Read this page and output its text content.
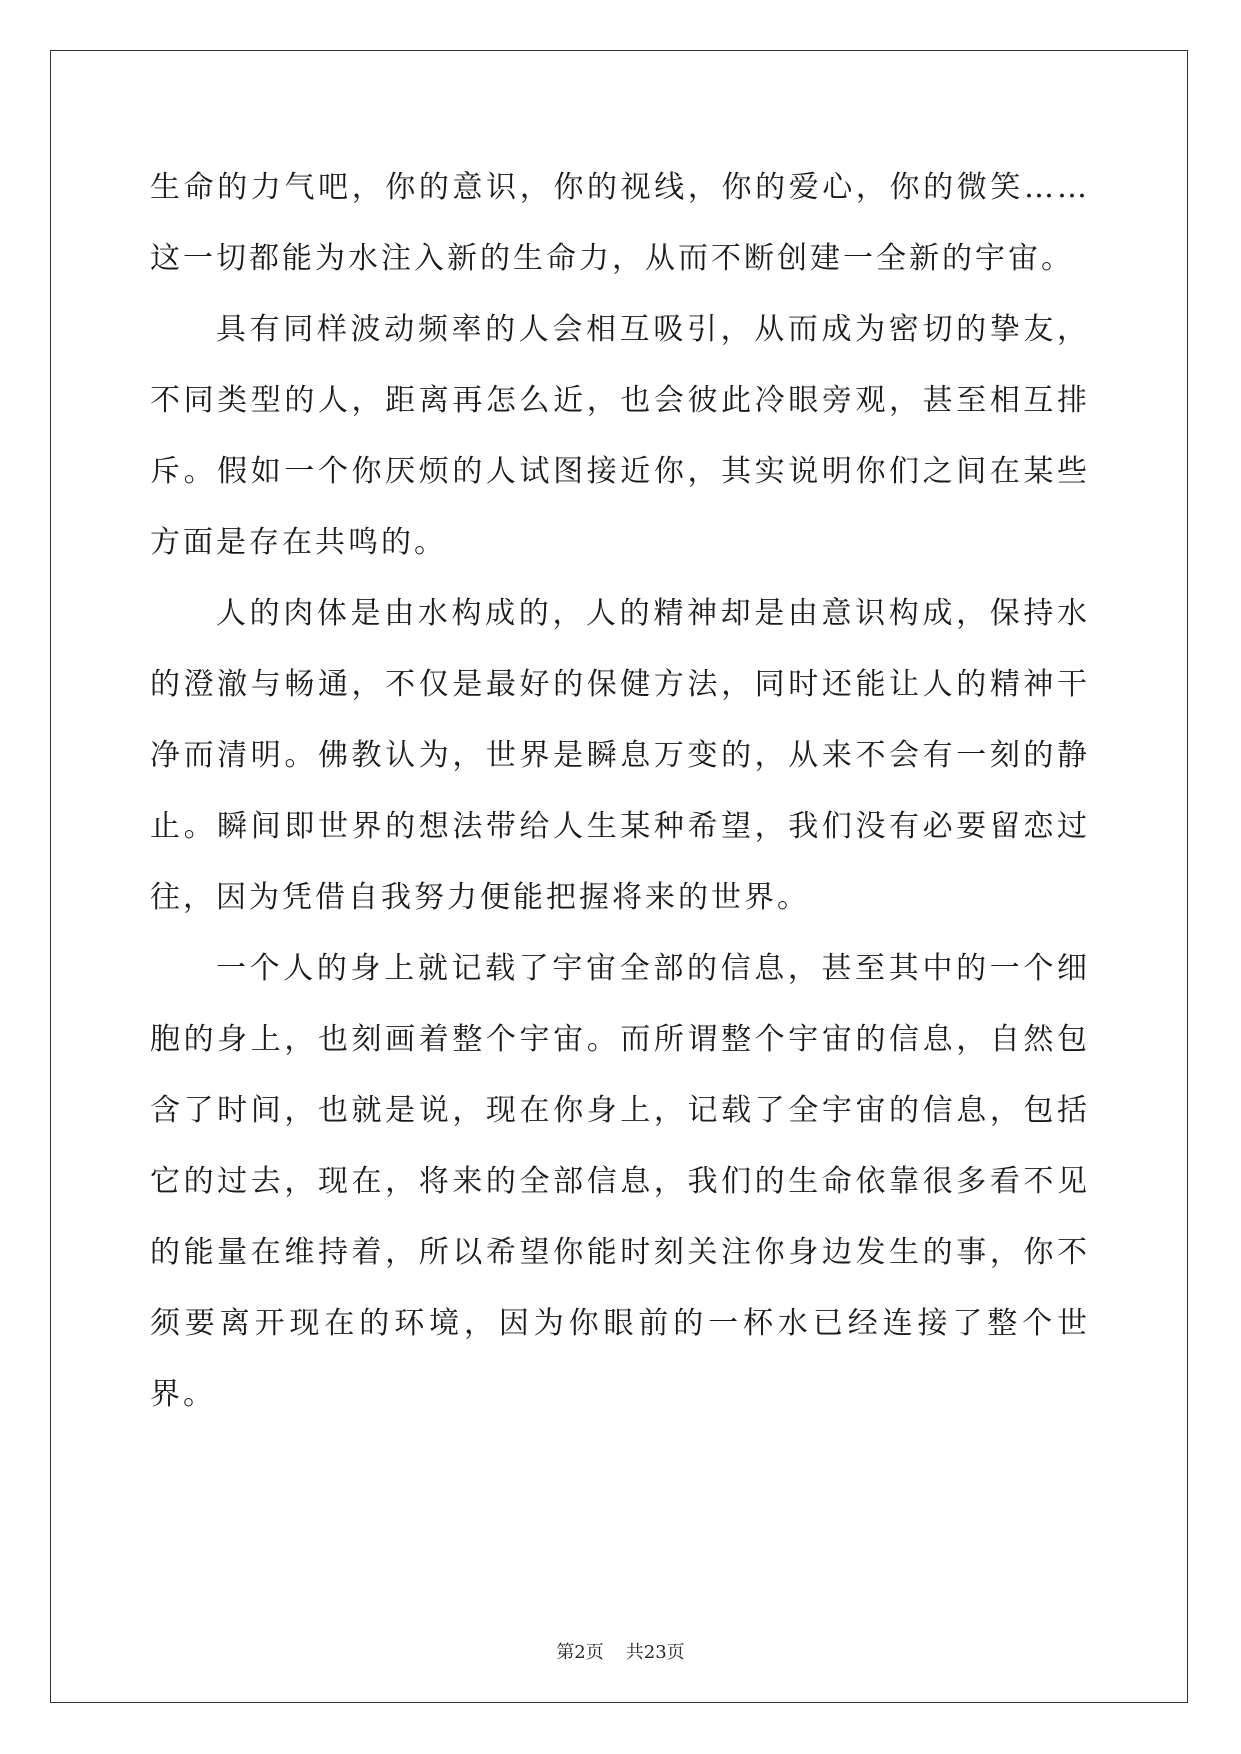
生命的力气吧，你的意识，你的视线，你的爱心，你的微笑……这一切都能为水注入新的生命力，从而不断创建一全新的宇宙。

具有同样波动频率的人会相互吸引，从而成为密切的挚友，不同类型的人，距离再怎么近，也会彼此冷眼旁观，甚至相互排斥。假如一个你厌烦的人试图接近你，其实说明你们之间在某些方面是存在共鸣的。

人的肉体是由水构成的，人的精神却是由意识构成，保持水的澄澈与畅通，不仅是最好的保健方法，同时还能让人的精神干净而清明。佛教认为，世界是瞬息万变的，从来不会有一刻的静止。瞬间即世界的想法带给人生某种希望，我们没有必要留恋过往，因为凭借自我努力便能把握将来的世界。

一个人的身上就记载了宇宙全部的信息，甚至其中的一个细胞的身上，也刻画着整个宇宙。而所谓整个宇宙的信息，自然包含了时间，也就是说，现在你身上，记载了全宇宙的信息，包括它的过去，现在，将来的全部信息，我们的生命依靠很多看不见的能量在维持着，所以希望你能时刻关注你身边发生的事，你不须要离开现在的环境，因为你眼前的一杯水已经连接了整个世界。

第2页 共23页
